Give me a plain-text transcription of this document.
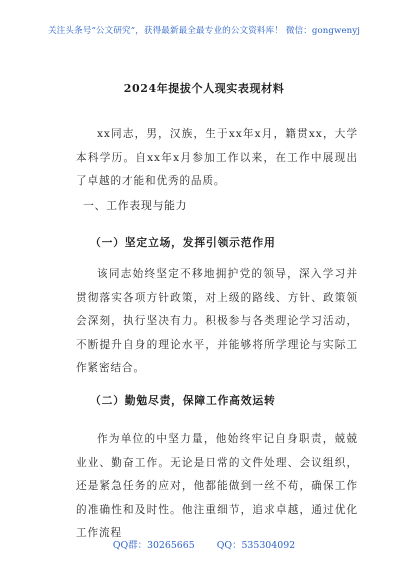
关注头条号“公文研究”，获得最新最全最专业的公文资料库！ 微信：gongwenyj
2024年提拔个人现实表现材料
xx同志，男，汉族，生于xx年x月，籍贯xx，大学本科学历。自xx年x月参加工作以来，在工作中展现出了卓越的才能和优秀的品质。
一、工作表现与能力
（一）坚定立场，发挥引领示范作用
该同志始终坚定不移地拥护党的领导，深入学习并贯彻落实各项方针政策，对上级的路线、方针、政策领会深刻，执行坚决有力。积极参与各类理论学习活动，不断提升自身的理论水平，并能够将所学理论与实际工作紧密结合。
（二）勤勉尽责，保障工作高效运转
作为单位的中坚力量，他始终牢记自身职责，兢兢业业、勤奋工作。无论是日常的文件处理、会议组织，还是紧急任务的应对，他都能做到一丝不苟，确保工作的准确性和及时性。他注重细节，追求卓越，通过优化工作流程
QQ群：30265665 QQ：535304092
